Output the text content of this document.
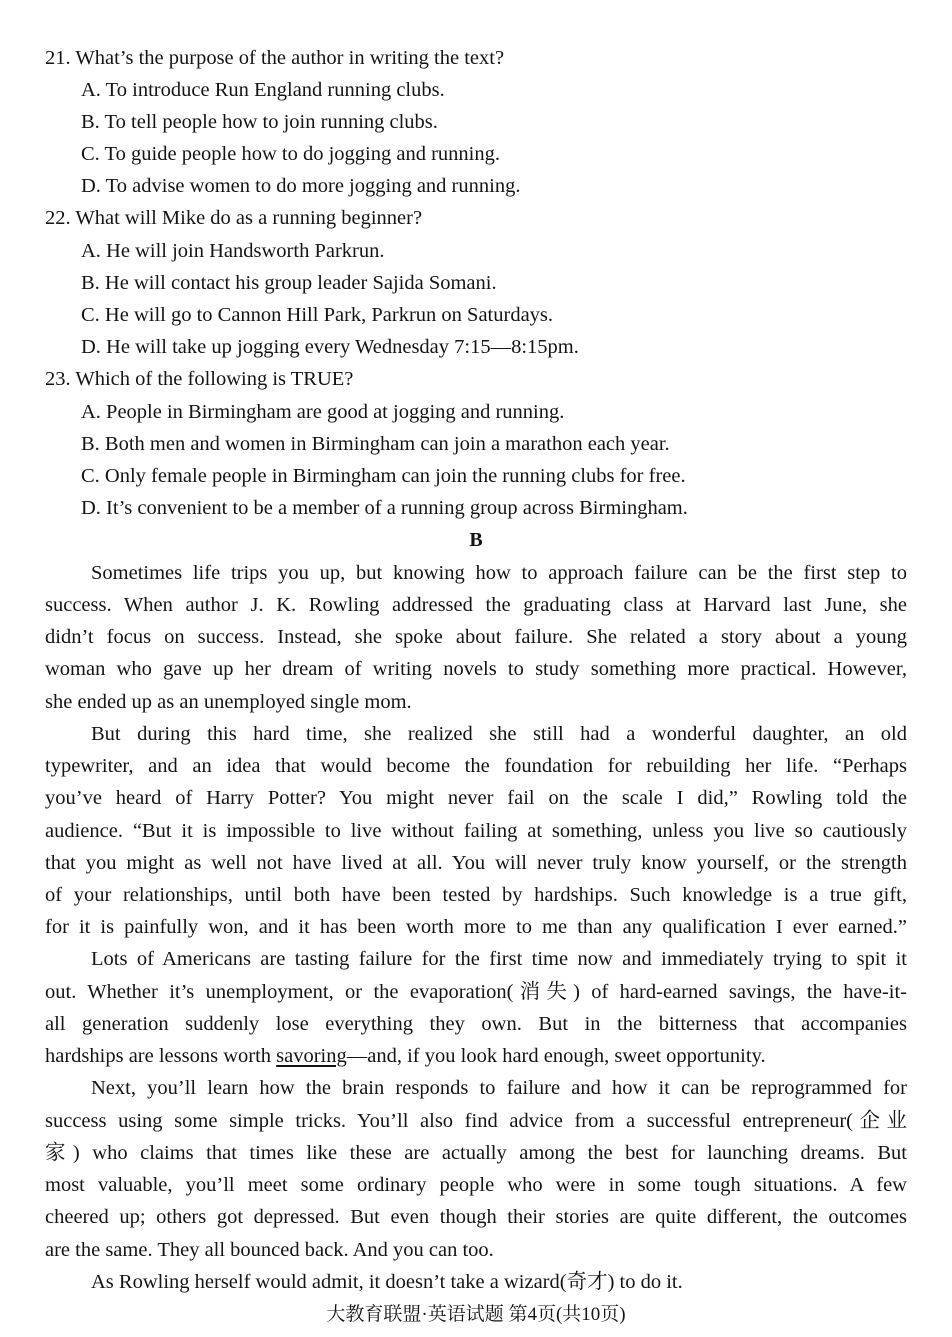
21. What’s the purpose of the author in writing the text?
A. To introduce Run England running clubs.
B. To tell people how to join running clubs.
C. To guide people how to do jogging and running.
D. To advise women to do more jogging and running.
22. What will Mike do as a running beginner?
A. He will join Handsworth Parkrun.
B. He will contact his group leader Sajida Somani.
C. He will go to Cannon Hill Park, Parkrun on Saturdays.
D. He will take up jogging every Wednesday 7:15—8:15pm.
23. Which of the following is TRUE?
A. People in Birmingham are good at jogging and running.
B. Both men and women in Birmingham can join a marathon each year.
C. Only female people in Birmingham can join the running clubs for free.
D. It’s convenient to be a member of a running group across Birmingham.
B
Sometimes life trips you up, but knowing how to approach failure can be the first step to
success. When author J. K. Rowling addressed the graduating class at Harvard last June, she
didn’t focus on success. Instead, she spoke about failure. She related a story about a young
woman who gave up her dream of writing novels to study something more practical. However,
she ended up as an unemployed single mom.
But during this hard time, she realized she still had a wonderful daughter, an old
typewriter, and an idea that would become the foundation for rebuilding her life. “Perhaps
you’ve heard of Harry Potter? You might never fail on the scale I did,” Rowling told the
audience. “But it is impossible to live without failing at something, unless you live so cautiously
that you might as well not have lived at all. You will never truly know yourself, or the strength
of your relationships, until both have been tested by hardships. Such knowledge is a true gift,
for it is painfully won, and it has been worth more to me than any qualification I ever earned.”
Lots of Americans are tasting failure for the first time now and immediately trying to spit it
out. Whether it’s unemployment, or the evaporation(消失) of hard-earned savings, the have-it-
all generation suddenly lose everything they own. But in the bitterness that accompanies
hardships are lessons worth savoring—and, if you look hard enough, sweet opportunity.
Next, you’ll learn how the brain responds to failure and how it can be reprogrammed for
success using some simple tricks. You’ll also find advice from a successful entrepreneur(企业
家) who claims that times like these are actually among the best for launching dreams. But
most valuable, you’ll meet some ordinary people who were in some tough situations. A few
cheered up; others got depressed. But even though their stories are quite different, the outcomes
are the same. They all bounced back. And you can too.
As Rowling herself would admit, it doesn’t take a wizard(奇才) to do it.
大教育联盟·英语试题 第4页(共10页)
